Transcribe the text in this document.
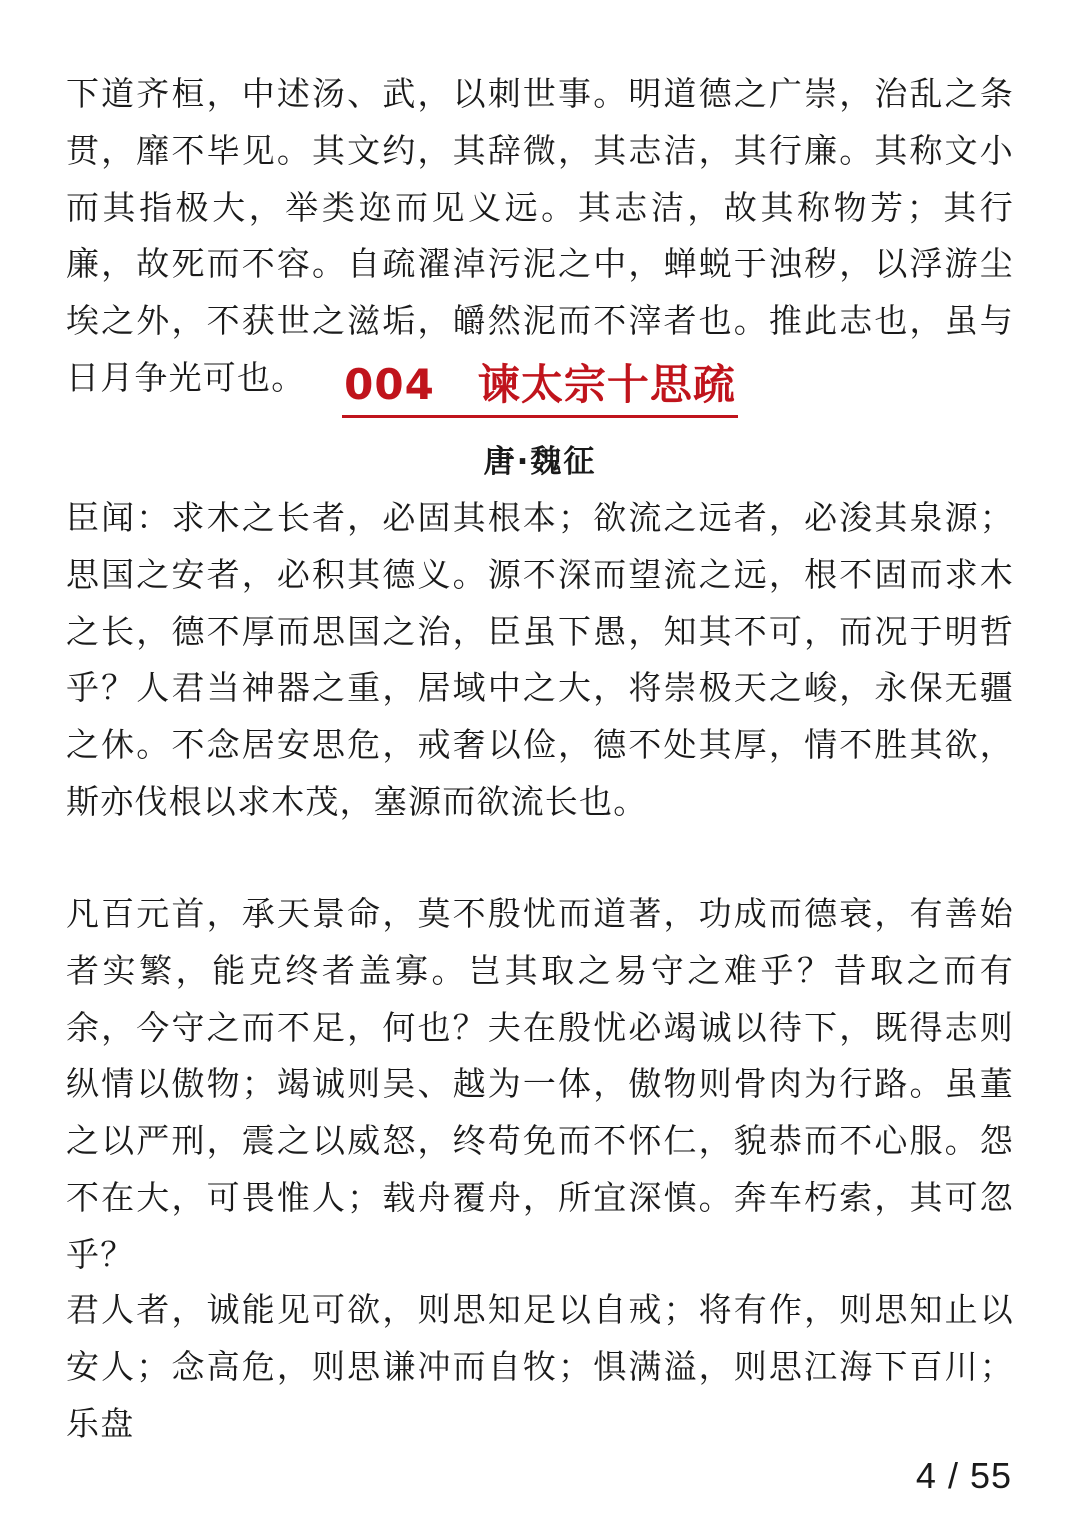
下道齐桓，中述汤、武，以刺世事。明道德之广崇，治乱之条贯，靡不毕见。其文约，其辞微，其志洁，其行廉。其称文小而其指极大，举类迩而见义远。其志洁，故其称物芳；其行廉，故死而不容。自疏濯淖污泥之中，蝉蜕于浊秽，以浮游尘埃之外，不获世之滋垢，皭然泥而不滓者也。推此志也，虽与日月争光可也。 004　谏太宗十思疏

唐·魏征

臣闻：求木之长者，必固其根本；欲流之远者，必浚其泉源；思国之安者，必积其德义。源不深而望流之远，根不固而求木之长，德不厚而思国之治，臣虽下愚，知其不可，而况于明哲乎？人君当神器之重，居域中之大，将崇极天之峻，永保无疆之休。不念居安思危，戒奢以俭，德不处其厚，情不胜其欲，斯亦伐根以求木茂，塞源而欲流长也。

凡百元首，承天景命，莫不殷忧而道著，功成而德衰，有善始者实繁，能克终者盖寡。岂其取之易守之难乎？昔取之而有余，今守之而不足，何也？夫在殷忧必竭诚以待下，既得志则纵情以傲物；竭诚则吴、越为一体，傲物则骨肉为行路。虽董之以严刑，震之以威怒，终苟免而不怀仁，貌恭而不心服。怨不在大，可畏惟人；载舟覆舟，所宜深慎。奔车朽索，其可忽乎？

君人者，诚能见可欲，则思知足以自戒；将有作，则思知止以安人；念高危，则思谦冲而自牧；惧满溢，则思江海下百川；乐盘

4 / 55
